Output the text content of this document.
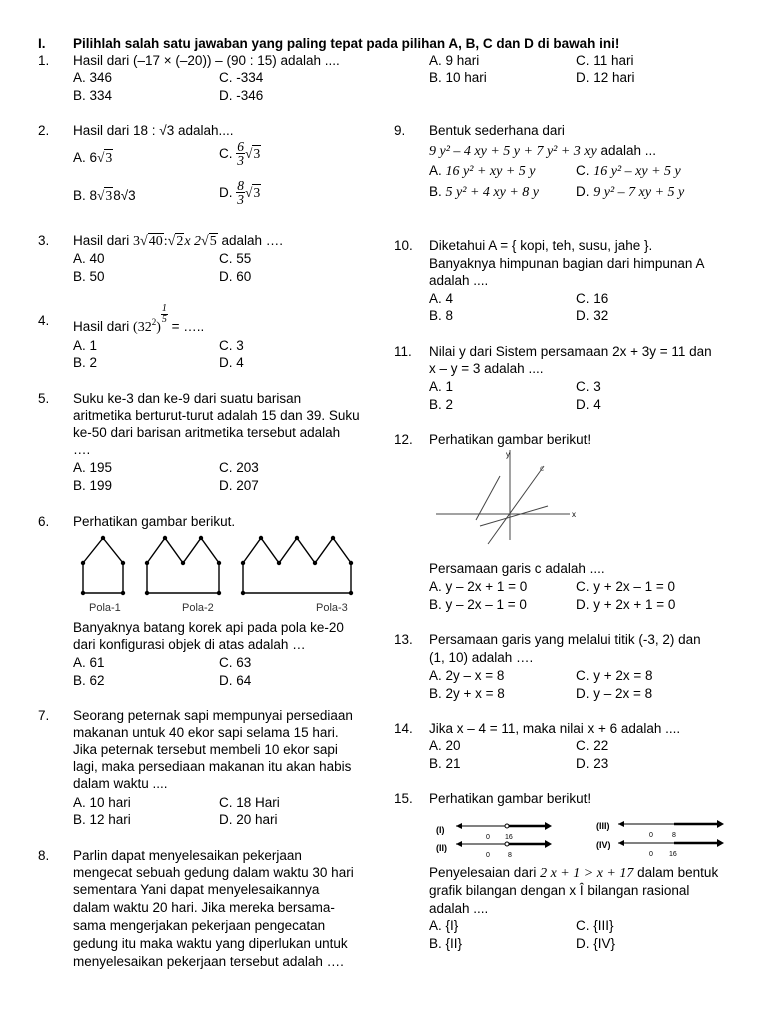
I. Pilihlah salah satu jawaban yang paling tepat pada pilihan A, B, C dan D di bawah ini!
1. Hasil dari (–17 × (–20)) – (90 : 15) adalah ....
A. 346	C. -334
B. 334	D. -346
2. Hasil dari 18 : √3 adalah....
A. 6√3	C. $\frac{6}{3} √3$
B. 8√38√3	D. $\frac{8}{3} √3$
3. Hasil dari 3√40:√2x 2√5 adalah ….
A. 40	C. 55
B. 50	D. 60
4. Hasil dari $(32^2)$
$\frac{1}{5}$
= …..
A. 1	C. 3
B. 2	D. 4
5. Suku ke-3 dan ke-9 dari suatu barisan
aritmetika berturut-turut adalah 15 dan 39. Suku
ke-50 dari barisan aritmetika tersebut adalah
….
A. 195	C. 203
B. 199	D. 207
6. Perhatikan gambar berikut.
Pola-1	Pola-2	Pola-3
Banyaknya batang korek api pada pola ke-20
dari konfigurasi objek di atas adalah …
A. 61	C. 63
B. 62	D. 64
7. Seorang peternak sapi mempunyai persediaan
makanan untuk 40 ekor sapi selama 15 hari.
Jika peternak tersebut membeli 10 ekor sapi
lagi, maka persediaan makanan itu akan habis
dalam waktu ....
A. 10 hari	C. 18 Hari
B. 12 hari	D. 20 hari
8. Parlin dapat menyelesaikan pekerjaan
mengecat sebuah gedung dalam waktu 30 hari
sementara Yani dapat menyelesaikannya
dalam waktu 20 hari. Jika mereka bersama-
sama mengerjakan pekerjaan pengecatan
gedung itu maka waktu yang diperlukan untuk
menyelesaikan pekerjaan tersebut adalah ….
A. 9 hari	C. 11 hari
B. 10 hari	D. 12 hari
9. Bentuk sederhana dari
9 y² – 4 xy + 5 y + 7 y² + 3 xy adalah ...
A. 16 y² + xy + 5 y	C. 16 y² – xy + 5 y
B. 5 y² + 4 xy + 8 y	D. 9 y² – 7 xy + 5 y
10. Diketahui A = { kopi, teh, susu, jahe }.
Banyaknya himpunan bagian dari himpunan A
adalah ....
A. 4	C. 16
B. 8	D. 32
11. Nilai y dari Sistem persamaan 2x + 3y = 11 dan
x – y = 3 adalah ....
A. 1	C. 3
B. 2	D. 4
12. Perhatikan gambar berikut!
x
y
c
Persamaan garis c adalah ....
A. y – 2x + 1 = 0	C. y + 2x – 1 = 0
B. y – 2x – 1 = 0	D. y + 2x + 1 = 0
13. Persamaan garis yang melalui titik (-3, 2) dan
(1, 10) adalah ….
A. 2y – x = 8	C. y + 2x = 8
B. 2y + x = 8	D. y – 2x = 8
14. Jika x – 4 = 11, maka nilai x + 6 adalah ....
A. 20	C. 22
B. 21	D. 23
15. Perhatikan gambar berikut!
(I)
(II)
(III)
(IV)
0 16
0	8
0	8
0 16
Penyelesaian dari 2 x + 1 > x + 17 dalam bentuk
grafik bilangan dengan x Î bilangan rasional
adalah ....
A. {I}	C. {III}
B. {II}	D. {IV}
